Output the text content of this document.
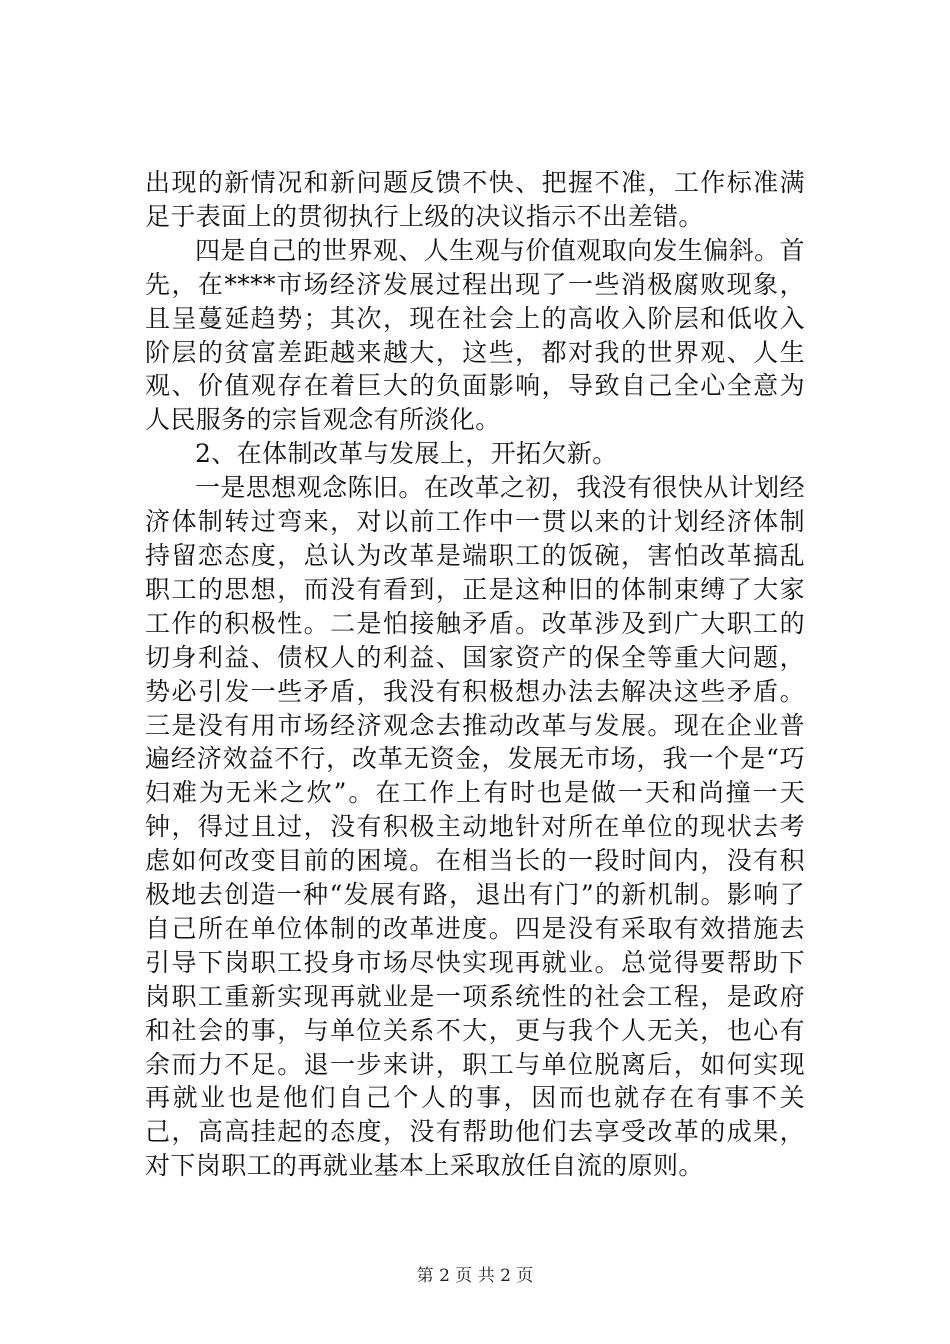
出现的新情况和新问题反馈不快、把握不准，工作标准满足于表面上的贯彻执行上级的决议指示不出差错。

四是自己的世界观、人生观与价值观取向发生偏斜。首先，在****市场经济发展过程出现了一些消极腐败现象，且呈蔓延趋势；其次，现在社会上的高收入阶层和低收入阶层的贫富差距越来越大，这些，都对我的世界观、人生观、价值观存在着巨大的负面影响，导致自己全心全意为人民服务的宗旨观念有所淡化。

2、在体制改革与发展上，开拓欠新。

一是思想观念陈旧。在改革之初，我没有很快从计划经济体制转过弯来，对以前工作中一贯以来的计划经济体制持留恋态度，总认为改革是端职工的饭碗，害怕改革搞乱职工的思想，而没有看到，正是这种旧的体制束缚了大家工作的积极性。二是怕接触矛盾。改革涉及到广大职工的切身利益、债权人的利益、国家资产的保全等重大问题，势必引发一些矛盾，我没有积极想办法去解决这些矛盾。三是没有用市场经济观念去推动改革与发展。现在企业普遍经济效益不行，改革无资金，发展无市场，我一个是“巧妇难为无米之炊”。在工作上有时也是做一天和尚撞一天钟，得过且过，没有积极主动地针对所在单位的现状去考虑如何改变目前的困境。在相当长的一段时间内，没有积极地去创造一种“发展有路，退出有门”的新机制。影响了自己所在单位体制的改革进度。四是没有采取有效措施去引导下岗职工投身市场尽快实现再就业。总觉得要帮助下岗职工重新实现再就业是一项系统性的社会工程，是政府和社会的事，与单位关系不大，更与我个人无关，也心有余而力不足。退一步来讲，职工与单位脱离后，如何实现再就业也是他们自己个人的事，因而也就存在有事不关己，高高挂起的态度，没有帮助他们去享受改革的成果，对下岗职工的再就业基本上采取放任自流的原则。

第 2 页 共 2 页
